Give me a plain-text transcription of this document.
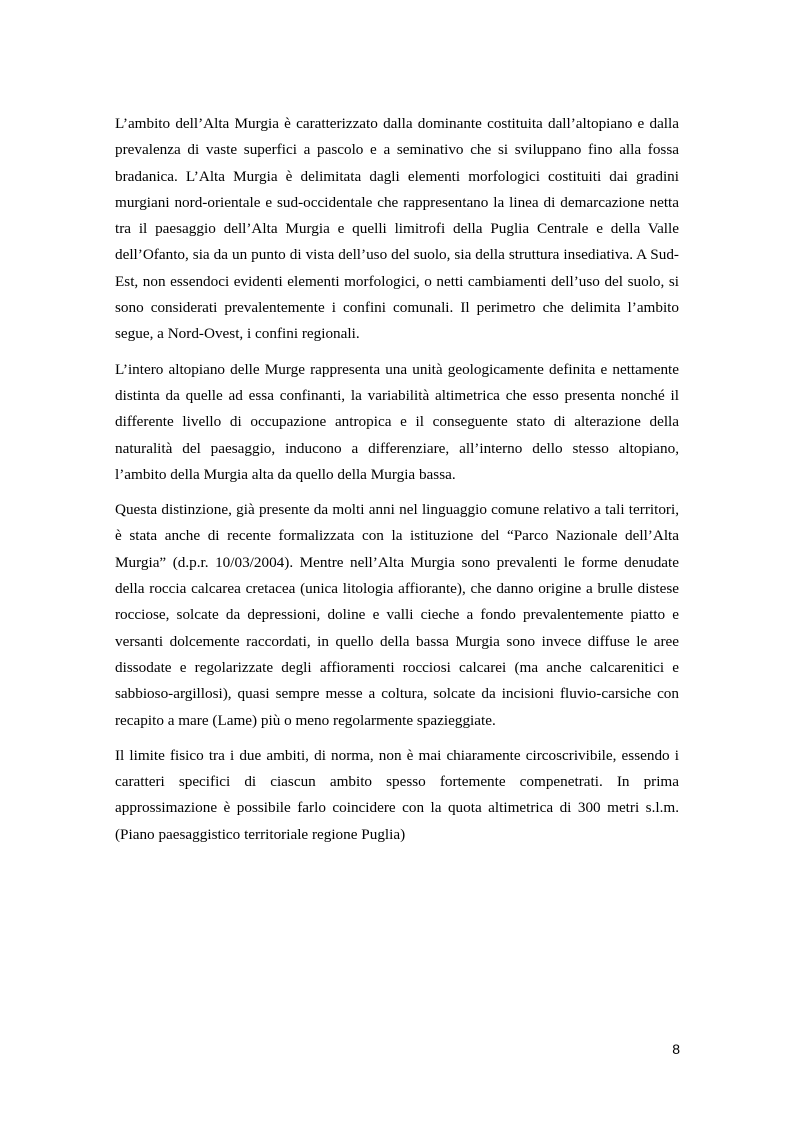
L’ambito dell’Alta Murgia è caratterizzato dalla dominante costituita dall’altopiano e dalla prevalenza di vaste superfici a pascolo e a seminativo che si sviluppano fino alla fossa bradanica. L’Alta Murgia è delimitata dagli elementi morfologici costituiti dai gradini murgiani nord-orientale e sud-occidentale che rappresentano la linea di demarcazione netta tra il paesaggio dell’Alta Murgia e quelli limitrofi della Puglia Centrale e della Valle dell’Ofanto, sia da un punto di vista dell’uso del suolo, sia della struttura insediativa. A Sud-Est, non essendoci evidenti elementi morfologici, o netti cambiamenti dell’uso del suolo, si sono considerati prevalentemente i confini comunali. Il perimetro che delimita l’ambito segue, a Nord-Ovest, i confini regionali.

L’intero altopiano delle Murge rappresenta una unità geologicamente definita e nettamente distinta da quelle ad essa confinanti, la variabilità altimetrica che esso presenta nonché il differente livello di occupazione antropica e il conseguente stato di alterazione della naturalità del paesaggio, inducono a differenziare, all’interno dello stesso altopiano, l’ambito della Murgia alta da quello della Murgia bassa.

Questa distinzione, già presente da molti anni nel linguaggio comune relativo a tali territori, è stata anche di recente formalizzata con la istituzione del “Parco Nazionale dell’Alta Murgia” (d.p.r. 10/03/2004). Mentre nell’Alta Murgia sono prevalenti le forme denudate della roccia calcarea cretacea (unica litologia affiorante), che danno origine a brulle distese rocciose, solcate da depressioni, doline e valli cieche a fondo prevalentemente piatto e versanti dolcemente raccordati, in quello della bassa Murgia sono invece diffuse le aree dissodate e regolarizzate degli affioramenti rocciosi calcarei (ma anche calcarenitici e sabbioso-argillosi), quasi sempre messe a coltura, solcate da incisioni fluvio-carsiche con recapito a mare (Lame) più o meno regolarmente spazieggiate.

Il limite fisico tra i due ambiti, di norma, non è mai chiaramente circoscrivibile, essendo i caratteri specifici di ciascun ambito spesso fortemente compenetrati. In prima approssimazione è possibile farlo coincidere con la quota altimetrica di 300 metri s.l.m. (Piano paesaggistico territoriale regione Puglia)

8
